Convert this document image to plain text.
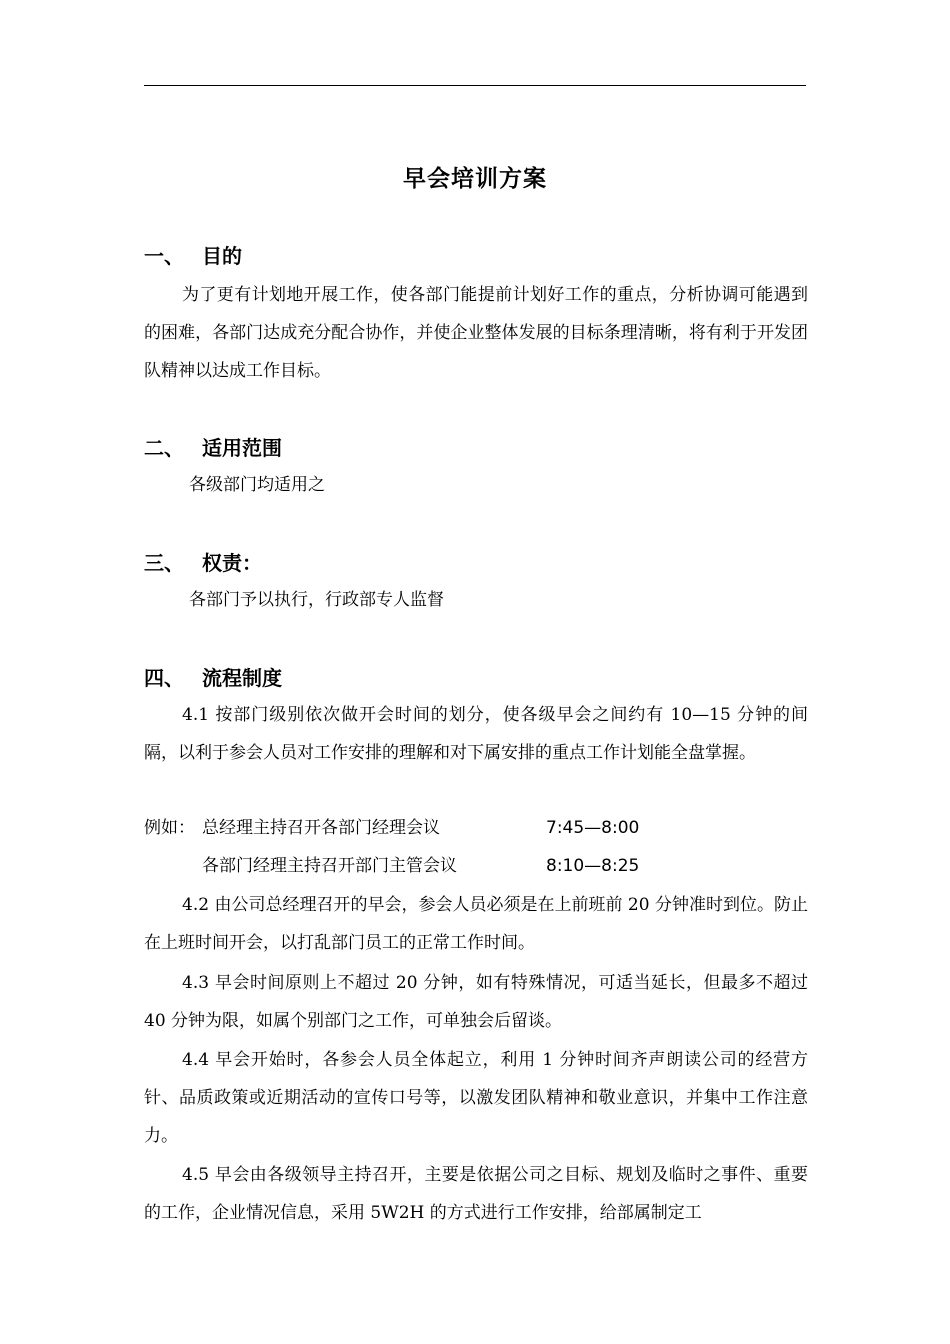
早会培训方案
一、 目的
为了更有计划地开展工作，使各部门能提前计划好工作的重点，分析协调可能遇到的困难，各部门达成充分配合协作，并使企业整体发展的目标条理清晰，将有利于开发团队精神以达成工作目标。
二、 适用范围
各级部门均适用之
三、 权责：
各部门予以执行，行政部专人监督
四、 流程制度
4.1 按部门级别依次做开会时间的划分，使各级早会之间约有 10—15 分钟的间隔，以利于参会人员对工作安排的理解和对下属安排的重点工作计划能全盘掌握。
例如： 总经理主持召开各部门经理会议	7:45—8:00
各部门经理主持召开部门主管会议	8:10—8:25
4.2 由公司总经理召开的早会，参会人员必须是在上前班前 20 分钟准时到位。防止在上班时间开会，以打乱部门员工的正常工作时间。
4.3 早会时间原则上不超过 20 分钟，如有特殊情况，可适当延长，但最多不超过 40 分钟为限，如属个别部门之工作，可单独会后留谈。
4.4 早会开始时，各参会人员全体起立，利用 1 分钟时间齐声朗读公司的经营方针、品质政策或近期活动的宣传口号等，以激发团队精神和敬业意识，并集中工作注意力。
4.5 早会由各级领导主持召开，主要是依据公司之目标、规划及临时之事件、重要的工作，企业情况信息，采用 5W2H 的方式进行工作安排，给部属制定工
